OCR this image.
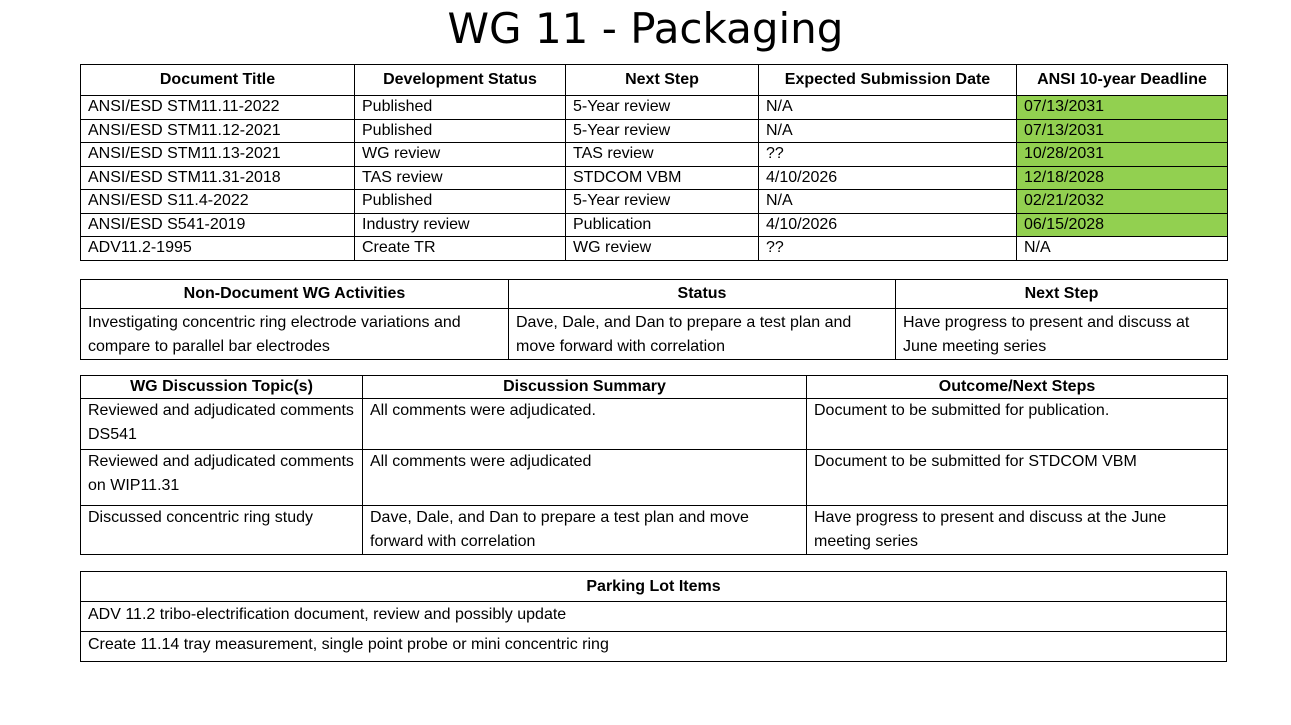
WG 11 - Packaging
Document Title	Development Status	Next Step	Expected Submission Date	ANSI 10-year Deadline
ANSI/ESD STM11.11-2022	Published	5-Year review	N/A	07/13/2031
ANSI/ESD STM11.12-2021	Published	5-Year review	N/A	07/13/2031
ANSI/ESD STM11.13-2021	WG review	TAS review	??	10/28/2031
ANSI/ESD STM11.31-2018	TAS review	STDCOM VBM	4/10/2026	12/18/2028
ANSI/ESD S11.4-2022	Published	5-Year review	N/A	02/21/2032
ANSI/ESD S541-2019	Industry review	Publication	4/10/2026	06/15/2028
ADV11.2-1995	Create TR	WG review	??	N/A
Non-Document WG Activities	Status	Next Step
Investigating concentric ring electrode variations and compare to parallel bar electrodes	Dave, Dale, and Dan to prepare a test plan and move forward with correlation	Have progress to present and discuss at June meeting series
WG Discussion Topic(s)	Discussion Summary	Outcome/Next Steps
Reviewed and adjudicated comments DS541	All comments were adjudicated.	Document to be submitted for publication.
Reviewed and adjudicated comments on WIP11.31	All comments were adjudicated	Document to be submitted for STDCOM VBM
Discussed concentric ring study	Dave, Dale, and Dan to prepare a test plan and move forward with correlation	Have progress to present and discuss at the June meeting series
Parking Lot Items
ADV 11.2 tribo-electrification document, review and possibly update
Create 11.14 tray measurement, single point probe or mini concentric ring
